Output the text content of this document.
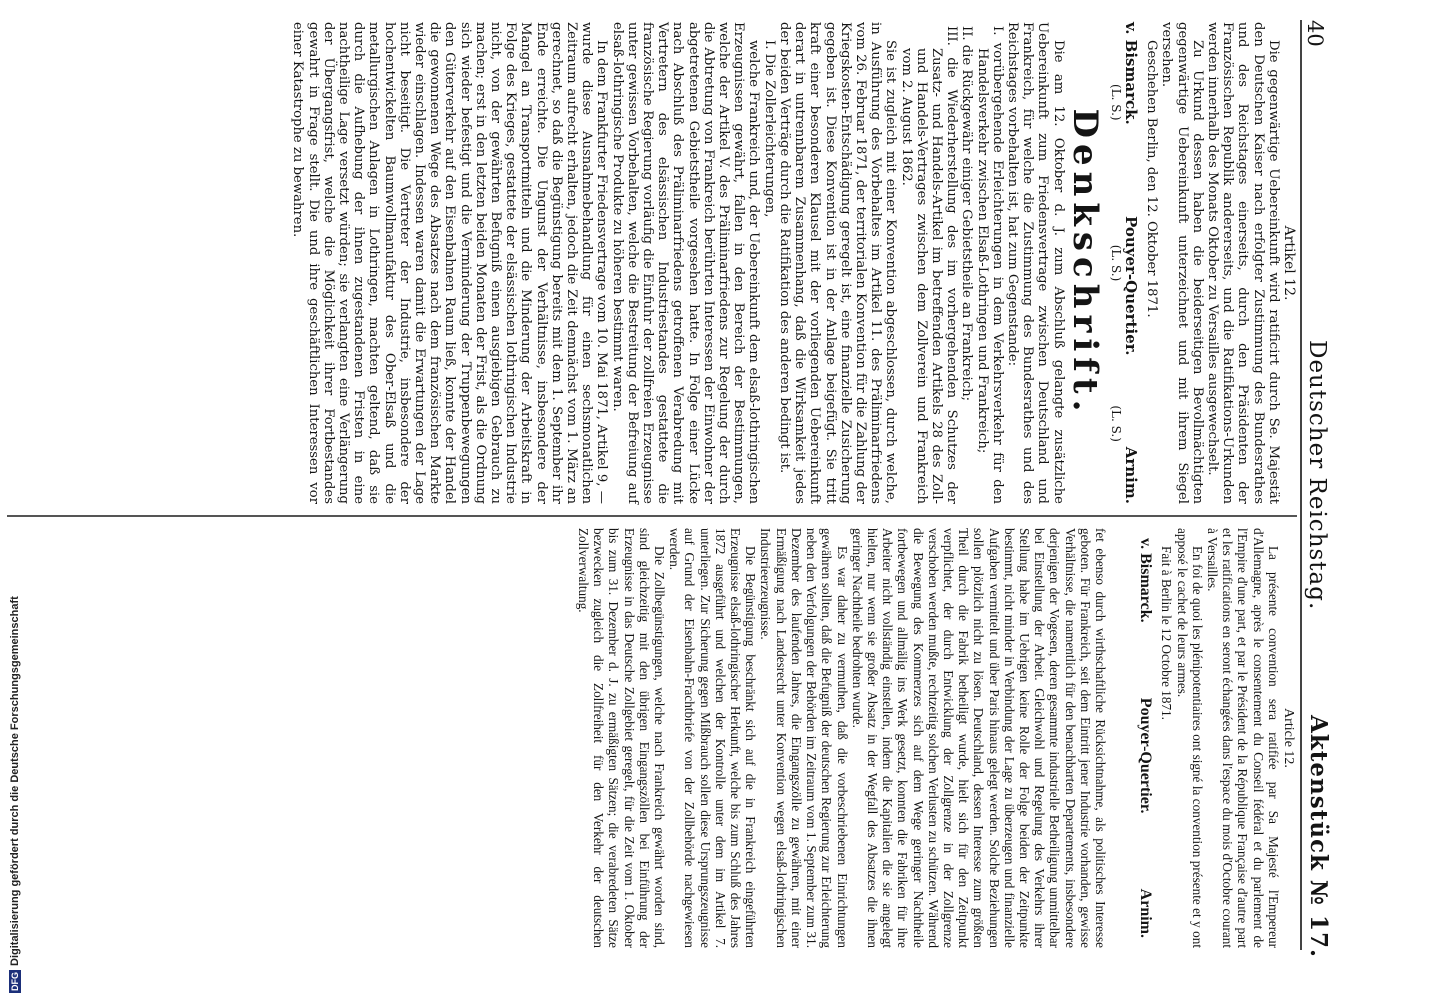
40
Deutscher Reichstag.
Aktenstück № 17.

Artikel 12.

Die gegenwärtige Uebereinkunft wird ratificirt durch Se. Majestät den Deutschen Kaiser nach erfolgter Zustimmung des Bundesrathes und des Reichstages einerseits, durch den Präsidenten der Französischen Republik andererseits, und die Ratifikations-Urkunden werden innerhalb des Monats Oktober zu Versailles ausgewechselt.

Zu Urkund dessen haben die beiderseitigen Bevollmächtigten gegenwärtige Uebereinkunft unterzeichnet und mit ihrem Siegel versehen.

Geschehen Berlin, den 12. Oktober 1871.

v. Bismarck.
Pouyer-Quertier.
Arnim.
(L. S.)
(L. S.)
(L. S.)

Denkschrift.

Die am 12. Oktober d. J. zum Abschluß gelangte zusätzliche Uebereinkunft zum Friedensvertrage zwischen Deutschland und Frankreich, für welche die Zustimmung des Bundesrathes und des Reichstages vorbehalten ist, hat zum Gegenstande:

I. vorübergehende Erleichterungen in dem Verkehrsverkehr für den Handelsverkehr zwischen Elsaß-Lothringen und Frankreich;

II. die Rückgewähr einiger Gebietstheile an Frankreich;

III. die Wiederherstellung des im vorhergehenden Schutzes der Zusatz- und Handels-Artikel im betreffenden Artikels 28 des Zoll- und Handels-Vertrages zwischen dem Zollverein und Frankreich vom 2. August 1862.

Sie ist zugleich mit einer Konvention abgeschlossen, durch welche, in Ausführung des Vorbehaltes im Artikel 11. des Präliminarfriedens vom 26. Februar 1871, der territorialen Konvention für die Zahlung der Kriegskosten-Entschädigung geregelt ist, eine finanzielle Zusicherung gegeben ist. Diese Konvention ist in der Anlage beigefügt. Sie tritt kraft einer besonderen Klausel mit der vorliegenden Uebereinkunft derart in untrennbarem Zusammenhang, daß die Wirksamkeit jedes der beiden Verträge durch die Ratifikation des anderen bedingt ist.

I. Die Zollerleichterungen,

welche Frankreich und, der Uebereinkunft dem elsaß-lothringischen Erzeugnissen gewährt, fallen in den Bereich der Bestimmungen, welche der Artikel V. des Präliminarfriedens zur Regelung der durch die Abtretung von Frankreich berührten Interessen der Einwohner der abgetretenen Gebietstheile vorgesehen hatte. In Folge einer Lücke nach Abschluß des Präliminarfriedens getroffenen Verabredung mit Vertretern des elsässischen Industriestandes gestattete die französische Regierung vorläufig die Einfuhr der zollfreien Erzeugnisse unter gewissen Vorbehalten, welche die Bestreitung der Befreiung auf elsaß-lothringische Produkte zu höheren bestimmt waren.

In dem Frankfurter Friedensvertrage vom 10. Mai 1871, Artikel 9, — wurde diese Ausnahmebehandlung für einen sechsmonatlichen Zeitraum aufrecht erhalten, jedoch die Zeit demnächst vom 1. März an gerechnet, so daß die Begünstigung bereits mit dem 1. September ihr Ende erreichte. Die Ungunst der Verhältnisse, insbesondere der Mangel an Transportmitteln und die Minderung der Arbeitskraft in Folge des Krieges, gestattete der elsässischen lothringischen Industrie nicht, von der gewährten Befugniß einen ausgiebigen Gebrauch zu machen; erst in den letzten beiden Monaten der Frist, als die Ordnung sich wieder befestigt und die Verminderung der Truppenbewegungen den Güterverkehr auf den Eisenbahnen Raum ließ, konnte der Handel die gewonnenen Wege des Absatzes nach dem französischen Markte wieder einschlagen. Indessen waren damit die Erwartungen der Lage nicht beseitigt. Die Vertreter der Industrie, insbesondere der hochentwickelten Baumwollmanufaktur des Ober-Elsaß und die metallurgischen Anlagen in Lothringen, machten geltend, daß sie durch die Aufhebung der ihnen zugestandenen Fristen in eine nachtheilige Lage versetzt würden; sie verlangten eine Verlängerung der Übergangsfrist, welche die Möglichkeit ihrer Fortbestandes gewahrt in Frage stellt. Die und ihre geschäftlichen Interessen vor einer Katastrophe zu bewahren.

Article 12.

La présente convention sera ratifiée par Sa Majesté l'Empereur d'Allemagne, après le consentement du Conseil fédéral et du parlement de l'Empire d'une part, et par le Président de la République Française d'autre part et les ratifications en seront échangées dans l'espace du mois d'Octobre courant à Versailles.

En foi de quoi les plénipotentiaires ont signé la convention présente et y ont apposé le cachet de leurs armes.

Fait à Berlin le 12 Octobre 1871.

v. Bismarck.
Pouyer-Quertier.
Arnim.

fet ebenso durch wirthschaftliche Rücksichtnahme, als politisches Interesse geboten. Für Frankreich, seit dem Eintritt jener Industrie vorhanden, gewisse Verhältnisse, die namentlich für den benachbarten Departements, insbesondere derjenigen der Vogesen, deren gesammte industrielle Betheiligung unmittelbar bei Einstellung der Arbeit. Gleichwohl und Regelung des Verkehrs ihrer Stellung habe im Uebrigen keine Rolle der Folge beiden der Zeitpunkte bestimmt, nicht minder in Verbindung der Lage zu überzeugen und finanzielle Aufgaben vermittelt und über Paris hinaus gelegt werden. Solche Beziehungen sollen plötzlich nicht zu lösen. Deutschland, dessen Interesse zum größten Theil durch die Fabrik betheiligt wurde, hielt sich für den Zeitpunkt verpflichtet, der durch Entwicklung der Zollgrenze in der Zollgrenze verschoben werden mußte, rechtzeitig solchen Verlusten zu schützen. Während die Bewegung des Kommerzes sich auf dem Wege geringer Nachtheile fortbewegen und allmälig ins Werk gesetzt, konnten die Fabriken für ihre Arbeiter nicht vollständig einstellen, indem die Kapitalien die sie angelegt hielten, nur wenn sie großer Absatz in der Wegfall des Absatzes die ihnen geringer Nachtheile bedrohten wurde.

Es war daher zu vermuthen, daß die vorbeschriebenen Einrichtungen gewähren sollten, daß die Befugniß der deutschen Regierung zur Erleichterung neben den Verfolgungen der Behörden im Zeitraum vom 1. September zum 31. Dezember des laufenden Jahres, die Eingangszölle zu gewähren, mit einer Ermäßigung nach Landesrecht unter Konvention wegen elsaß-lothringischen Industrieerzeugnisse.

Die Begünstigung beschränkt sich auf die in Frankreich eingeführten Erzeugnisse elsaß-lothringischer Herkunft, welche bis zum Schluß des Jahres 1872 ausgeführt und welchen der Kontrolle unter dem im Artikel 7. unterliegen. Zur Sicherung gegen Mißbrauch sollen diese Ursprungszeugnisse auf Grund der Eisenbahn-Frachtbriefe von der Zollbehörde nachgewiesen werden.

Die Zollbegünstigungen, welche nach Frankreich gewährt worden sind, sind gleichzeitig mit den übrigen Eingangszöllen bei Einführung der Erzeugnisse in das Deutsche Zollgebiet geregelt, für die Zeit vom 1. Oktober bis zum 31. Dezember d. J. zu ermäßigten Sätzen; die verabredeten Sätze bezwecken zugleich die Zollfreiheit für den Verkehr der deutschen Zollverwaltung.

DFG
Digitalisierung gefördert durch die Deutsche Forschungsgemeinschaft
